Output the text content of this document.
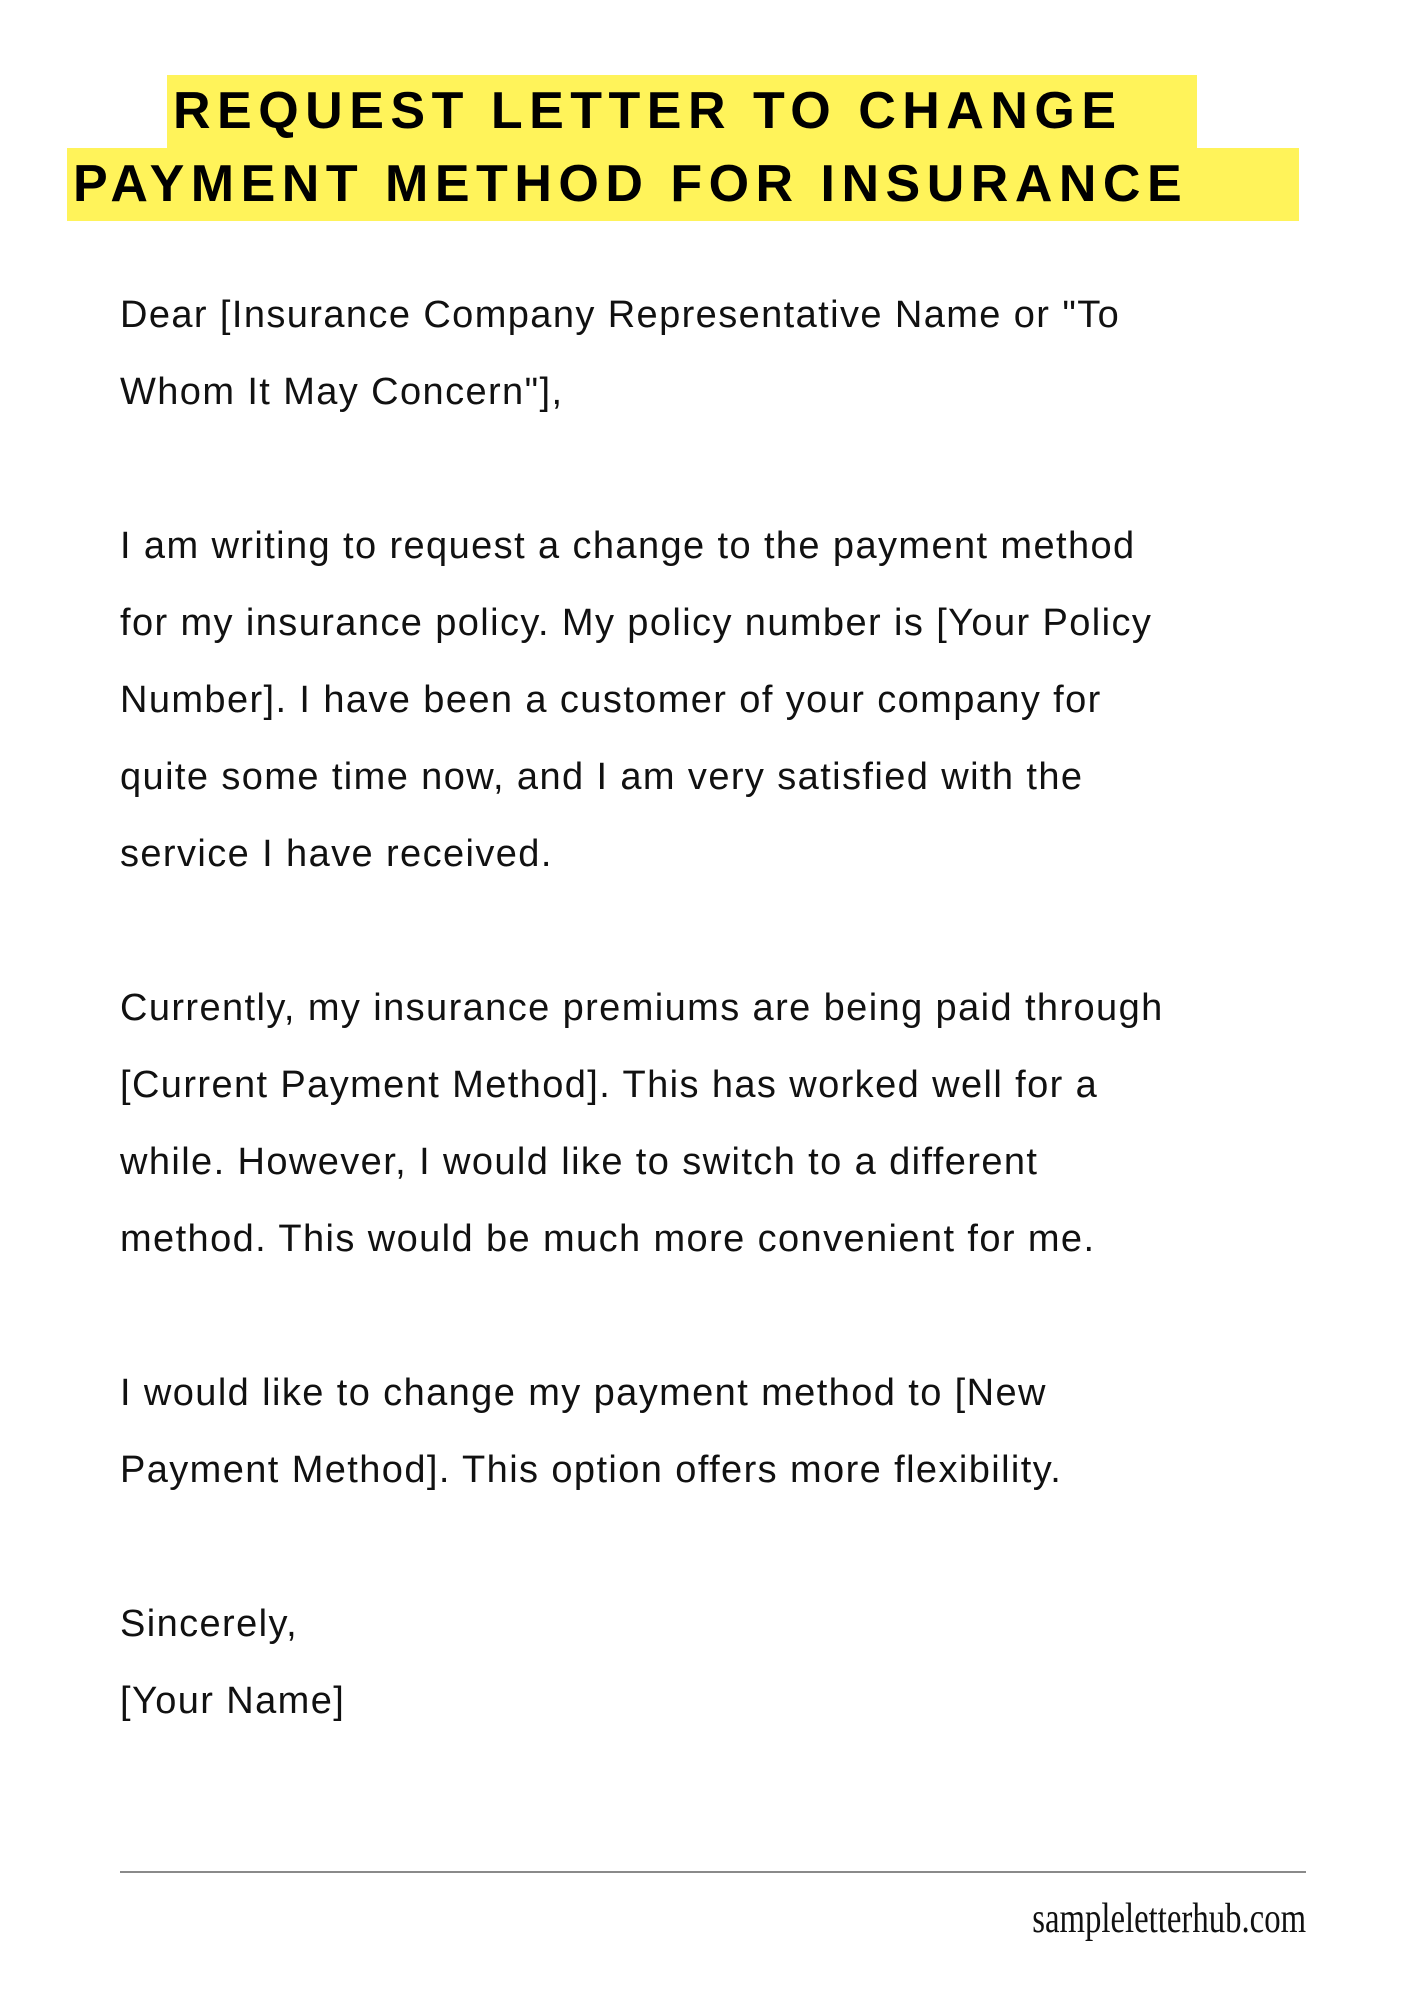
REQUEST LETTER TO CHANGE
PAYMENT METHOD FOR INSURANCE
Dear [Insurance Company Representative Name or "To
Whom It May Concern"],
I am writing to request a change to the payment method
for my insurance policy. My policy number is [Your Policy
Number]. I have been a customer of your company for
quite some time now, and I am very satisfied with the
service I have received.
Currently, my insurance premiums are being paid through
[Current Payment Method]. This has worked well for a
while. However, I would like to switch to a different
method. This would be much more convenient for me.
I would like to change my payment method to [New
Payment Method]. This option offers more flexibility.
Sincerely,
[Your Name]
sampleletterhub.com
